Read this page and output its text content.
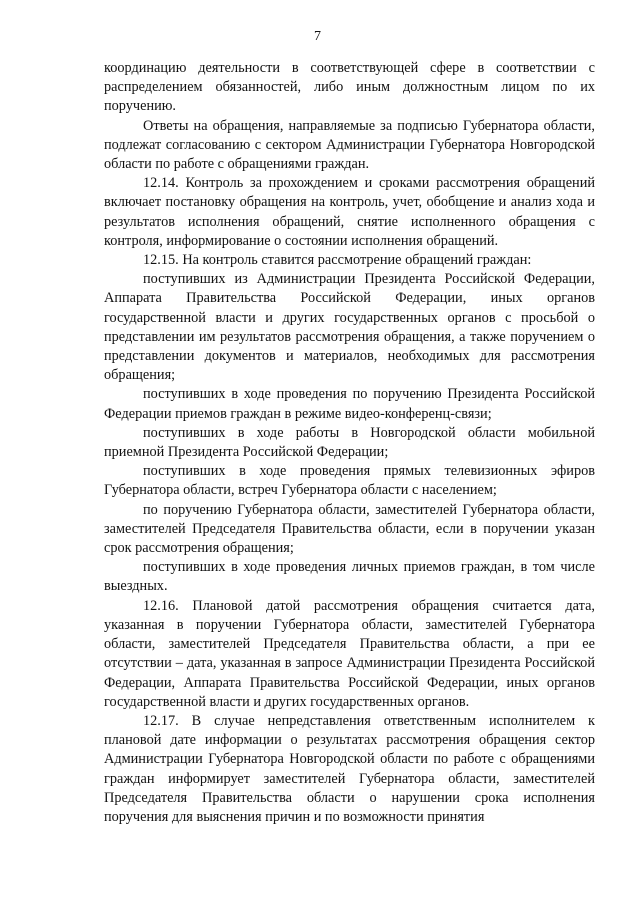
7

координацию деятельности в соответствующей сфере в соответствии с распределением обязанностей, либо иным должностным лицом по их поручению.

Ответы на обращения, направляемые за подписью Губернатора области, подлежат согласованию с сектором Администрации Губернатора Новгородской области по работе с обращениями граждан.

12.14. Контроль за прохождением и сроками рассмотрения обращений включает постановку обращения на контроль, учет, обобщение и анализ хода и результатов исполнения обращений, снятие исполненного обращения с контроля, информирование о состоянии исполнения обращений.

12.15. На контроль ставится рассмотрение обращений граждан:

поступивших из Администрации Президента Российской Федерации, Аппарата Правительства Российской Федерации, иных органов государственной власти и других государственных органов с просьбой о представлении им результатов рассмотрения обращения, а также поручением о представлении документов и материалов, необходимых для рассмотрения обращения;

поступивших в ходе проведения по поручению Президента Российской Федерации приемов граждан в режиме видео-конференц-связи;

поступивших в ходе работы в Новгородской области мобильной приемной Президента Российской Федерации;

поступивших в ходе проведения прямых телевизионных эфиров Губернатора области, встреч Губернатора области с населением;

по поручению Губернатора области, заместителей Губернатора области, заместителей Председателя Правительства области, если в поручении указан срок рассмотрения обращения;

поступивших в ходе проведения личных приемов граждан, в том числе выездных.

12.16. Плановой датой рассмотрения обращения считается дата, указанная в поручении Губернатора области, заместителей Губернатора области, заместителей Председателя Правительства области, а при ее отсутствии – дата, указанная в запросе Администрации Президента Российской Федерации, Аппарата Правительства Российской Федерации, иных органов государственной власти и других государственных органов.

12.17. В случае непредставления ответственным исполнителем к плановой дате информации о результатах рассмотрения обращения сектор Администрации Губернатора Новгородской области по работе с обращениями граждан информирует заместителей Губернатора области, заместителей Председателя Правительства области о нарушении срока исполнения поручения для выяснения причин и по возможности принятия
